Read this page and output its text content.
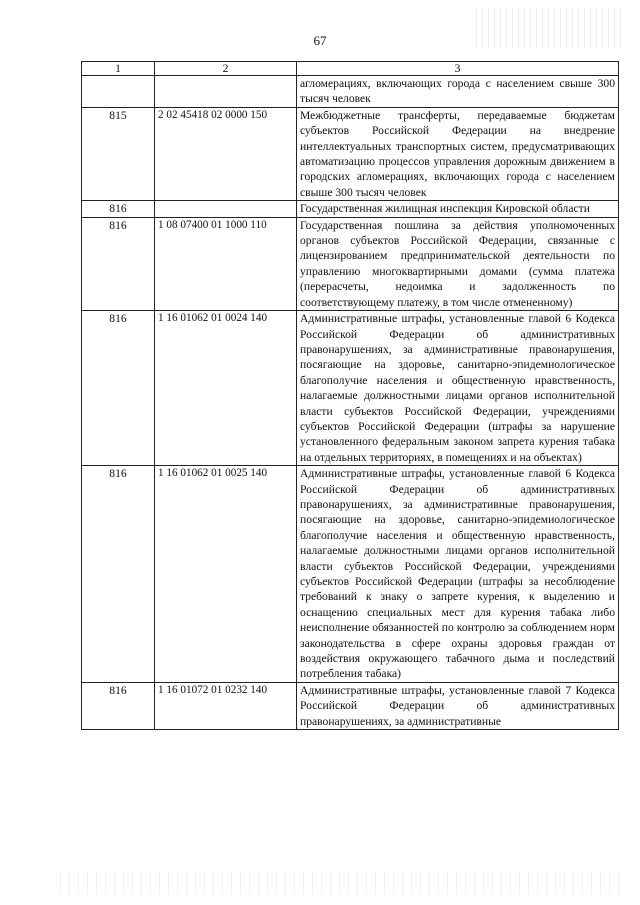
67
1	2	3
		агломерациях, включающих города с населением свыше 300 тысяч человек
815	2 02 45418 02 0000 150	Межбюджетные трансферты, передаваемые бюджетам субъектов Российской Федерации на внедрение интеллектуальных транспортных систем, предусматривающих автоматизацию процессов управления дорожным движением в городских агломерациях, включающих города с населением свыше 300 тысяч человек
816		Государственная жилищная инспекция Кировской области
816	1 08 07400 01 1000 110	Государственная пошлина за действия уполномоченных органов субъектов Российской Федерации, связанные с лицензированием предпринимательской деятельности по управлению многоквартирными домами (сумма платежа (перерасчеты, недоимка и задолженность по соответствующему платежу, в том числе отмененному)
816	1 16 01062 01 0024 140	Административные штрафы, установленные главой 6 Кодекса Российской Федерации об административных правонарушениях, за административные правонарушения, посягающие на здоровье, санитарно-эпидемиологическое благополучие населения и общественную нравственность, налагаемые должностными лицами органов исполнительной власти субъектов Российской Федерации, учреждениями субъектов Российской Федерации (штрафы за нарушение установленного федеральным законом запрета курения табака на отдельных территориях, в помещениях и на объектах)
816	1 16 01062 01 0025 140	Административные штрафы, установленные главой 6 Кодекса Российской Федерации об административных правонарушениях, за административные правонарушения, посягающие на здоровье, санитарно-эпидемиологическое благополучие населения и общественную нравственность, налагаемые должностными лицами органов исполнительной власти субъектов Российской Федерации, учреждениями субъектов Российской Федерации (штрафы за несоблюдение требований к знаку о запрете курения, к выделению и оснащению специальных мест для курения табака либо неисполнение обязанностей по контролю за соблюдением норм законодательства в сфере охраны здоровья граждан от воздействия окружающего табачного дыма и последствий потребления табака)
816	1 16 01072 01 0232 140	Административные штрафы, установленные главой 7 Кодекса Российской Федерации об административных правонарушениях, за административные
